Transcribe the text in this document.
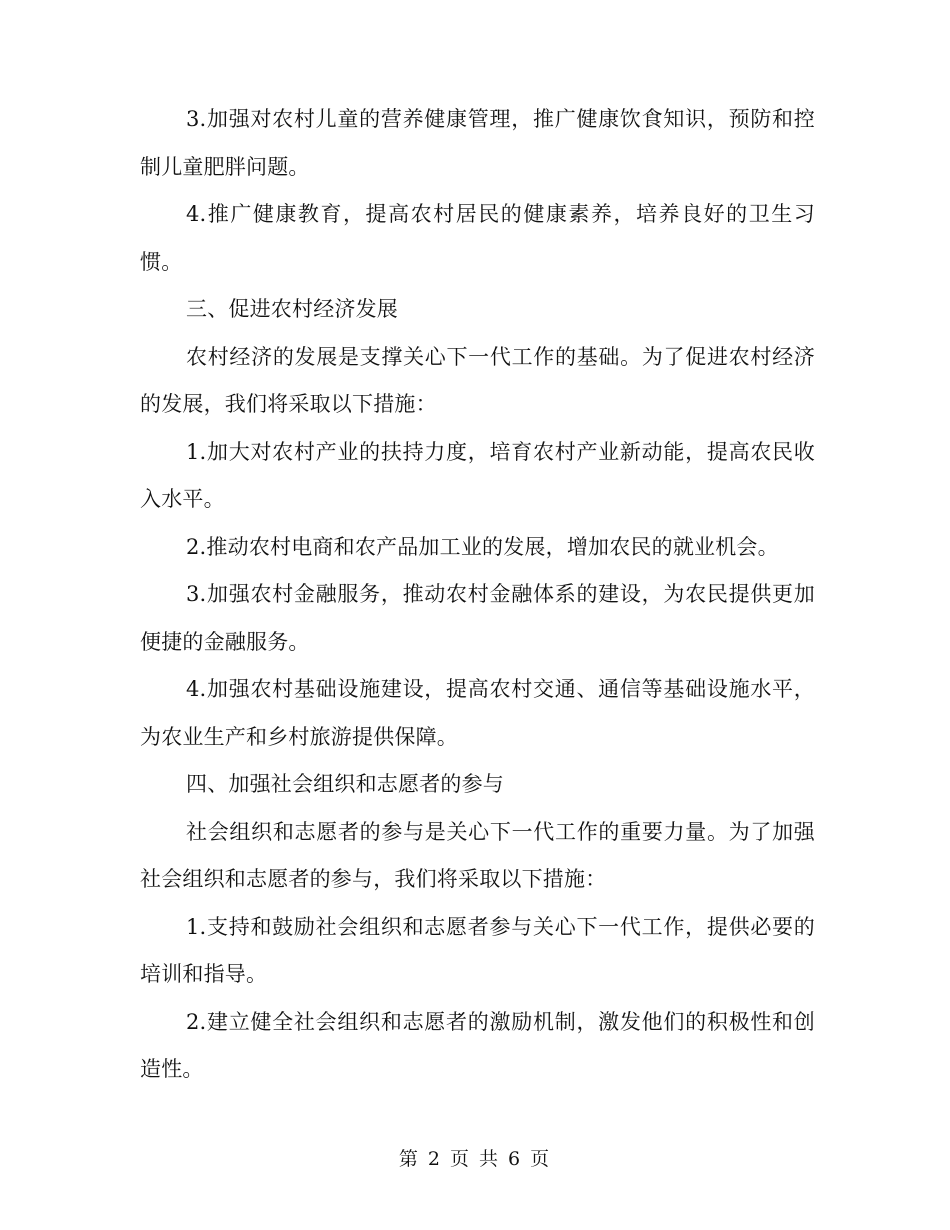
3.加强对农村儿童的营养健康管理，推广健康饮食知识，预防和控制儿童肥胖问题。

4.推广健康教育，提高农村居民的健康素养，培养良好的卫生习惯。

三、促进农村经济发展

农村经济的发展是支撑关心下一代工作的基础。为了促进农村经济的发展，我们将采取以下措施：

1.加大对农村产业的扶持力度，培育农村产业新动能，提高农民收入水平。

2.推动农村电商和农产品加工业的发展，增加农民的就业机会。

3.加强农村金融服务，推动农村金融体系的建设，为农民提供更加便捷的金融服务。

4.加强农村基础设施建设，提高农村交通、通信等基础设施水平，为农业生产和乡村旅游提供保障。

四、加强社会组织和志愿者的参与

社会组织和志愿者的参与是关心下一代工作的重要力量。为了加强社会组织和志愿者的参与，我们将采取以下措施：

1.支持和鼓励社会组织和志愿者参与关心下一代工作，提供必要的培训和指导。

2.建立健全社会组织和志愿者的激励机制，激发他们的积极性和创造性。

第 2 页 共 6 页
